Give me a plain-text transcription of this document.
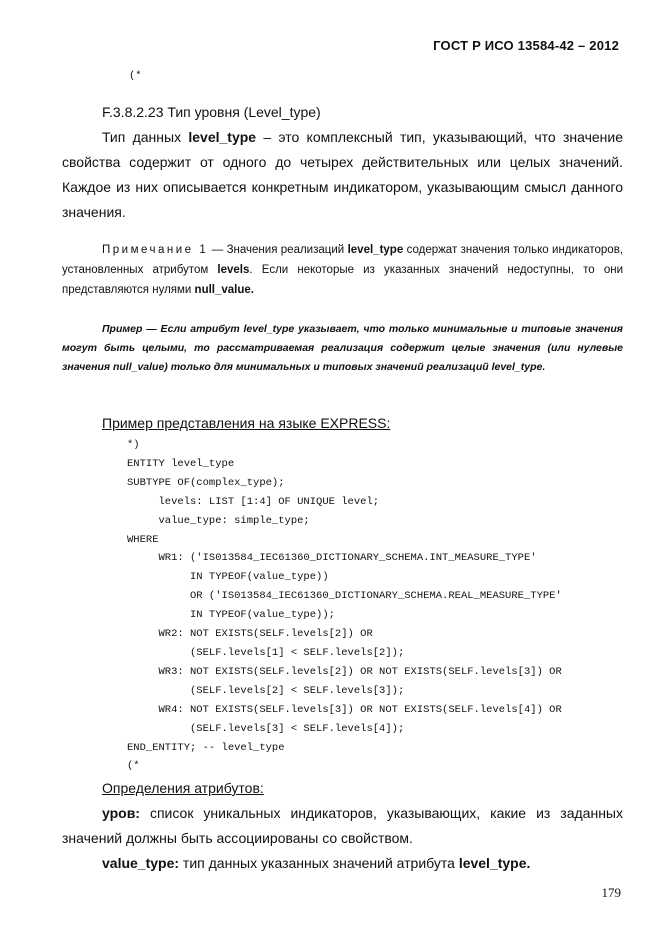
ГОСТ Р ИСО 13584-42 – 2012
(*
F.3.8.2.23 Тип уровня (Level_type)
Тип данных level_type – это комплексный тип, указывающий, что значение свойства содержит от одного до четырех действительных или целых значений. Каждое из них описывается конкретным индикатором, указывающим смысл данного значения.
Примечание 1 — Значения реализаций level_type содержат значения только индикаторов, установленных атрибутом levels. Если некоторые из указанных значений недоступны, то они представляются нулями null_value.
Пример — Если атрибут level_type указывает, что только минимальные и типовые значения могут быть целыми, то рассматриваемая реализация содержит целые значения (или нулевые значения null_value) только для минимальных и типовых значений реализаций level_type.
Пример представления на языке EXPRESS:
*)
ENTITY level_type
SUBTYPE OF(complex_type);
levels: LIST [1:4] OF UNIQUE level;
value_type: simple_type;
WHERE
WR1: ('IS013584_IEC61360_DICTIONARY_SCHEMA.INT_MEASURE_TYPE'
IN TYPEOF(value_type))
OR ('IS013584_IEC61360_DICTIONARY_SCHEMA.REAL_MEASURE_TYPE'
IN TYPEOF(value_type));
WR2: NOT EXISTS(SELF.levels[2]) OR
(SELF.levels[1] < SELF.levels[2]);
WR3: NOT EXISTS(SELF.levels[2]) OR NOT EXISTS(SELF.levels[3]) OR
(SELF.levels[2] < SELF.levels[3]);
WR4: NOT EXISTS(SELF.levels[3]) OR NOT EXISTS(SELF.levels[4]) OR
(SELF.levels[3] < SELF.levels[4]);
END_ENTITY; -- level_type
(*
Определения атрибутов:
уров: список уникальных индикаторов, указывающих, какие из заданных значений должны быть ассоциированы со свойством.
value_type: тип данных указанных значений атрибута level_type.
179
